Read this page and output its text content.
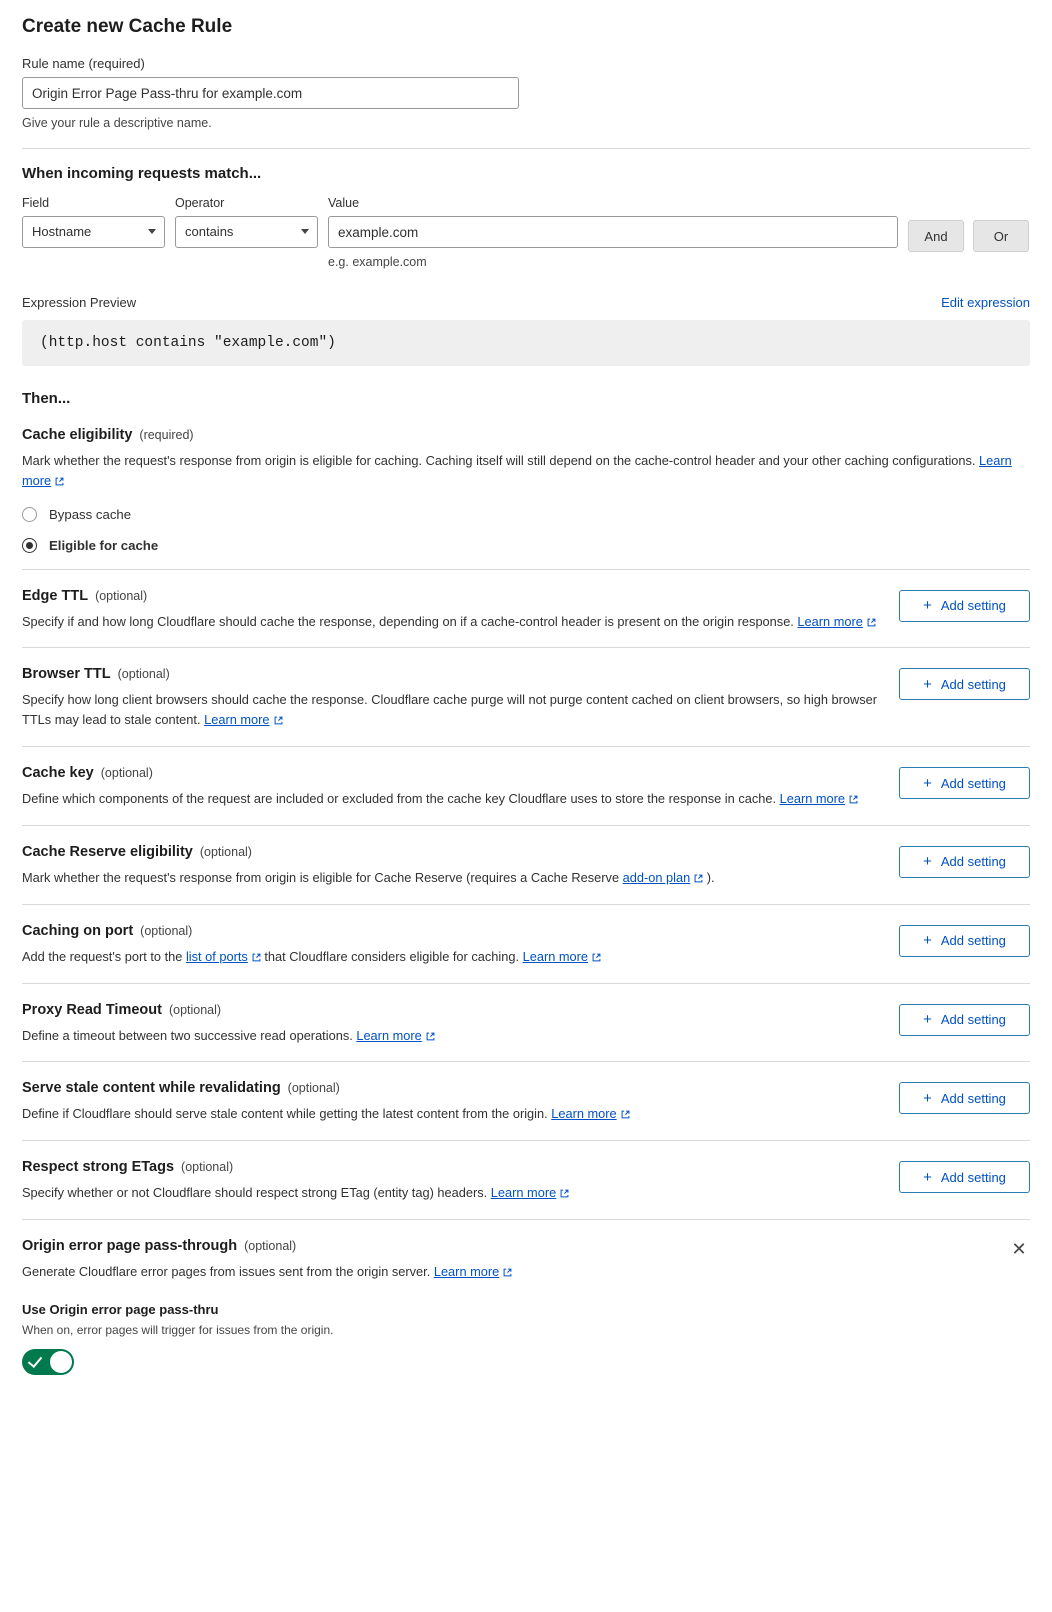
Create new Cache Rule
Rule name (required)
Origin Error Page Pass-thru for example.com
Give your rule a descriptive name.
When incoming requests match...
Field
Hostname
Operator
contains
Value
example.com
e.g. example.com
And	Or
Expression Preview	Edit expression
(http.host contains "example.com")
Then...
Cache eligibility (required)
Mark whether the request's response from origin is eligible for caching. Caching itself will still depend on the cache-control header and your other caching configurations. Learn more
Bypass cache
Eligible for cache
Edge TTL (optional)
Specify if and how long Cloudflare should cache the response, depending on if a cache-control header is present on the origin response. Learn more
+ Add setting
Browser TTL (optional)
Specify how long client browsers should cache the response. Cloudflare cache purge will not purge content cached on client browsers, so high browser TTLs may lead to stale content. Learn more
+ Add setting
Cache key (optional)
Define which components of the request are included or excluded from the cache key Cloudflare uses to store the response in cache. Learn more
+ Add setting
Cache Reserve eligibility (optional)
Mark whether the request's response from origin is eligible for Cache Reserve (requires a Cache Reserve add-on plan
).
+ Add setting
Caching on port (optional)
Add the request's port to the list of ports
that Cloudflare considers eligible for caching. Learn more
+ Add setting
Proxy Read Timeout (optional)
Define a timeout between two successive read operations. Learn more
+ Add setting
Serve stale content while revalidating (optional)
Define if Cloudflare should serve stale content while getting the latest content from the origin. Learn more
+ Add setting
Respect strong ETags (optional)
Specify whether or not Cloudflare should respect strong ETag (entity tag) headers. Learn more
+ Add setting
✕
Origin error page pass-through (optional)
Generate Cloudflare error pages from issues sent from the origin server. Learn more
Use Origin error page pass-thru
When on, error pages will trigger for issues from the origin.
